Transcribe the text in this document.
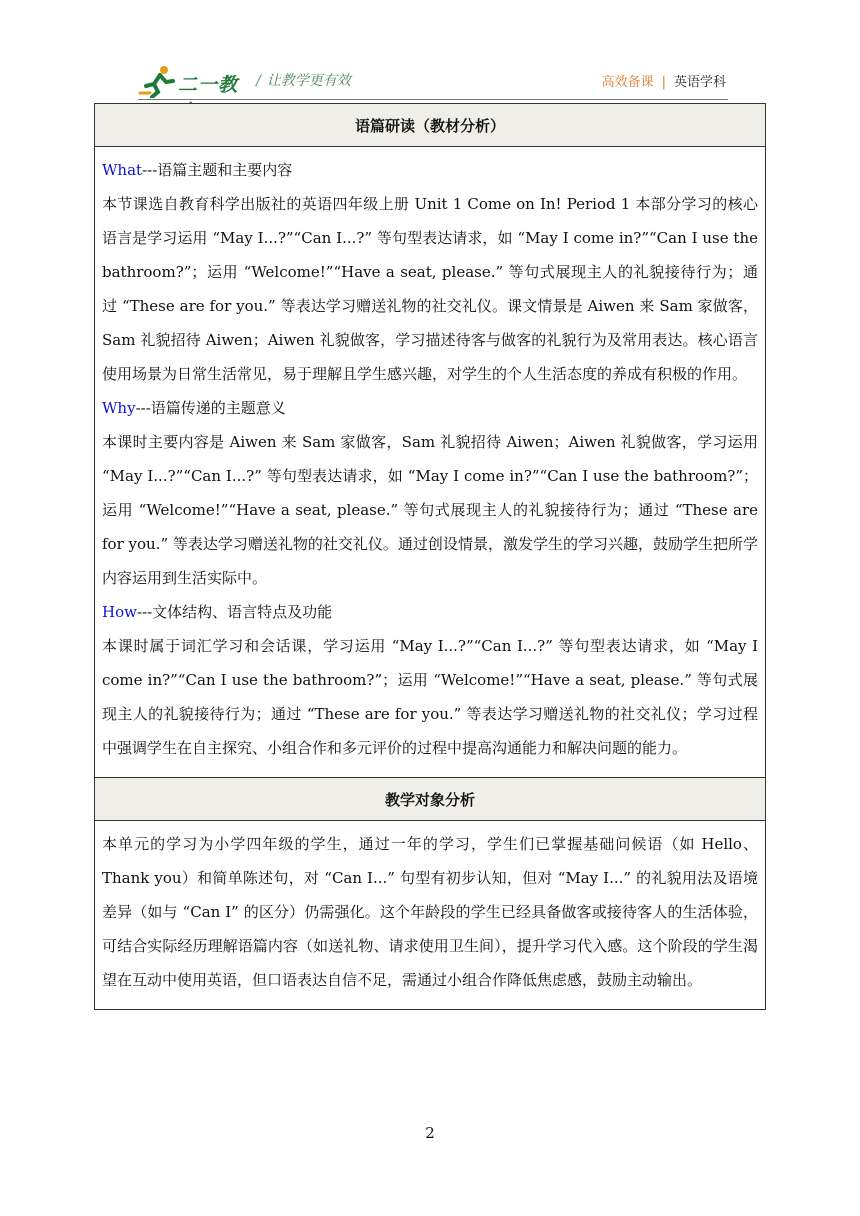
二一教	/ 让教学更有效	高效备课 | 英语学科
语篇研读（教材分析）

What---语篇主题和主要内容

本节课选自教育科学出版社的英语四年级上册 Unit 1 Come on In! Period 1 本部分学习的核心语言是学习运用 “May I...?”“Can I...?” 等句型表达请求，如 “May I come in?”“Can I use the bathroom?”；运用 “Welcome!”“Have a seat, please.” 等句式展现主人的礼貌接待行为；通过 “These are for you.” 等表达学习赠送礼物的社交礼仪。课文情景是 Aiwen 来 Sam 家做客，Sam 礼貌招待 Aiwen；Aiwen 礼貌做客，学习描述待客与做客的礼貌行为及常用表达。核心语言使用场景为日常生活常见，易于理解且学生感兴趣，对学生的个人生活态度的养成有积极的作用。

Why---语篇传递的主题意义

本课时主要内容是 Aiwen 来 Sam 家做客，Sam 礼貌招待 Aiwen；Aiwen 礼貌做客，学习运用 “May I...?”“Can I...?” 等句型表达请求，如 “May I come in?”“Can I use the bathroom?”；运用 “Welcome!”“Have a seat, please.” 等句式展现主人的礼貌接待行为；通过 “These are for you.” 等表达学习赠送礼物的社交礼仪。通过创设情景，激发学生的学习兴趣，鼓励学生把所学内容运用到生活实际中。

How---文体结构、语言特点及功能

本课时属于词汇学习和会话课，学习运用 “May I...?”“Can I...?” 等句型表达请求，如 “May I come in?”“Can I use the bathroom?”；运用 “Welcome!”“Have a seat, please.” 等句式展现主人的礼貌接待行为；通过 “These are for you.” 等表达学习赠送礼物的社交礼仪；学习过程中强调学生在自主探究、小组合作和多元评价的过程中提高沟通能力和解决问题的能力。

教学对象分析

本单元的学习为小学四年级的学生，通过一年的学习，学生们已掌握基础问候语（如 Hello、Thank you）和简单陈述句，对 “Can I...” 句型有初步认知，但对 “May I...” 的礼貌用法及语境差异（如与 “Can I” 的区分）仍需强化。这个年龄段的学生已经具备做客或接待客人的生活体验，可结合实际经历理解语篇内容（如送礼物、请求使用卫生间），提升学习代入感。这个阶段的学生渴望在互动中使用英语，但口语表达自信不足，需通过小组合作降低焦虑感，鼓励主动输出。

2
